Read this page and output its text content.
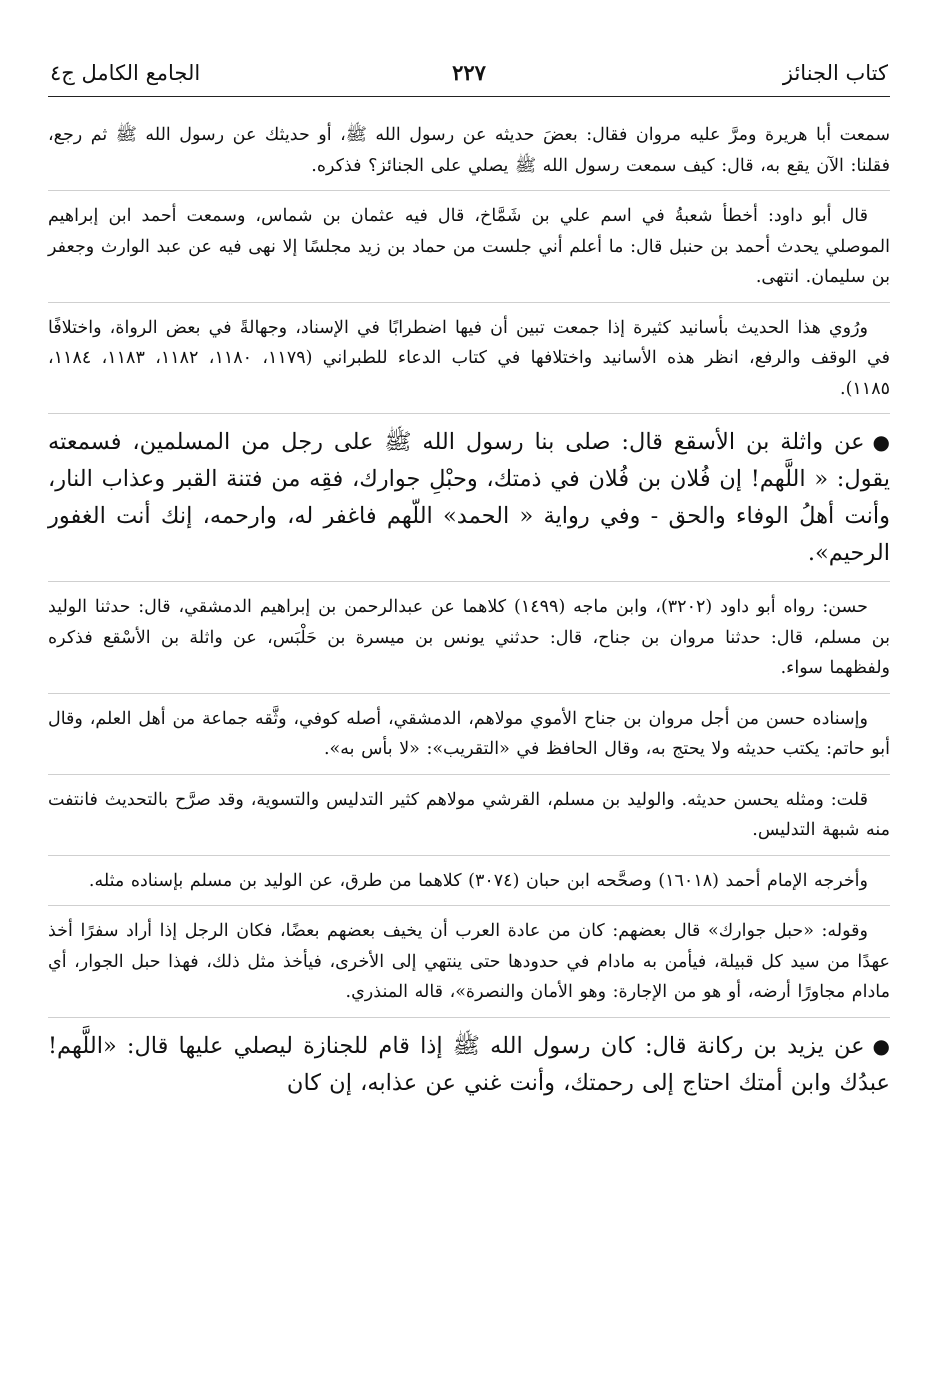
كتاب الجنائز
٢٢٧
الجامع الكامل ج٤

سمعت أبا هريرة ومرَّ عليه مروان فقال: بعضَ حديثه عن رسول الله ﷺ، أو حديثك عن رسول الله ﷺ ثم رجع، فقلنا: الآن يقع به، قال: كيف سمعت رسول الله ﷺ يصلي على الجنائز؟ فذكره.

قال أبو داود: أخطأ شعبةُ في اسم علي بن شَمَّاخ، قال فيه عثمان بن شماس، وسمعت أحمد ابن إبراهيم الموصلي يحدث أحمد بن حنبل قال: ما أعلم أني جلست من حماد بن زيد مجلسًا إلا نهى فيه عن عبد الوارث وجعفر بن سليمان. انتهى.

ورُوي هذا الحديث بأسانيد كثيرة إذا جمعت تبين أن فيها اضطرابًا في الإسناد، وجهالةً في بعض الرواة، واختلافًا في الوقف والرفع، انظر هذه الأسانيد واختلافها في كتاب الدعاء للطبراني (١١٧٩، ١١٨٠، ١١٨٢، ١١٨٣، ١١٨٤، ١١٨٥).

●عن واثلة بن الأسقع قال: صلى بنا رسول الله ﷺ على رجل من المسلمين، فسمعته يقول: « اللَّهم! إن فُلان بن فُلان في ذمتك، وحبْلِ جوارك، فقِه من فتنة القبر وعذاب النار، وأنت أهلُ الوفاء والحق - وفي رواية « الحمد» اللّهم فاغفر له، وارحمه، إنك أنت الغفور الرحيم».

حسن: رواه أبو داود (٣٢٠٢)، وابن ماجه (١٤٩٩) كلاهما عن عبدالرحمن بن إبراهيم الدمشقي، قال: حدثنا الوليد بن مسلم، قال: حدثنا مروان بن جناح، قال: حدثني يونس بن ميسرة بن حَلْبَس، عن واثلة بن الأسْقع فذكره ولفظهما سواء.

وإسناده حسن من أجل مروان بن جناح الأموي مولاهم، الدمشقي، أصله كوفي، وثَّقه جماعة من أهل العلم، وقال أبو حاتم: يكتب حديثه ولا يحتج به، وقال الحافظ في «التقريب»: «لا بأس به».

قلت: ومثله يحسن حديثه. والوليد بن مسلم، القرشي مولاهم كثير التدليس والتسوية، وقد صرَّح بالتحديث فانتفت منه شبهة التدليس.

وأخرجه الإمام أحمد (١٦٠١٨) وصحَّحه ابن حبان (٣٠٧٤) كلاهما من طرق، عن الوليد بن مسلم بإسناده مثله.

وقوله: «حبل جوارك» قال بعضهم: كان من عادة العرب أن يخيف بعضهم بعضًا، فكان الرجل إذا أراد سفرًا أخذ عهدًا من سيد كل قبيلة، فيأمن به مادام في حدودها حتى ينتهي إلى الأخرى، فيأخذ مثل ذلك، فهذا حبل الجوار، أي مادام مجاورًا أرضه، أو هو من الإجارة: وهو الأمان والنصرة»، قاله المنذري.

●عن يزيد بن ركانة قال: كان رسول الله ﷺ إذا قام للجنازة ليصلي عليها قال: «اللَّهم! عبدُك وابن أمتك احتاج إلى رحمتك، وأنت غني عن عذابه، إن كان
